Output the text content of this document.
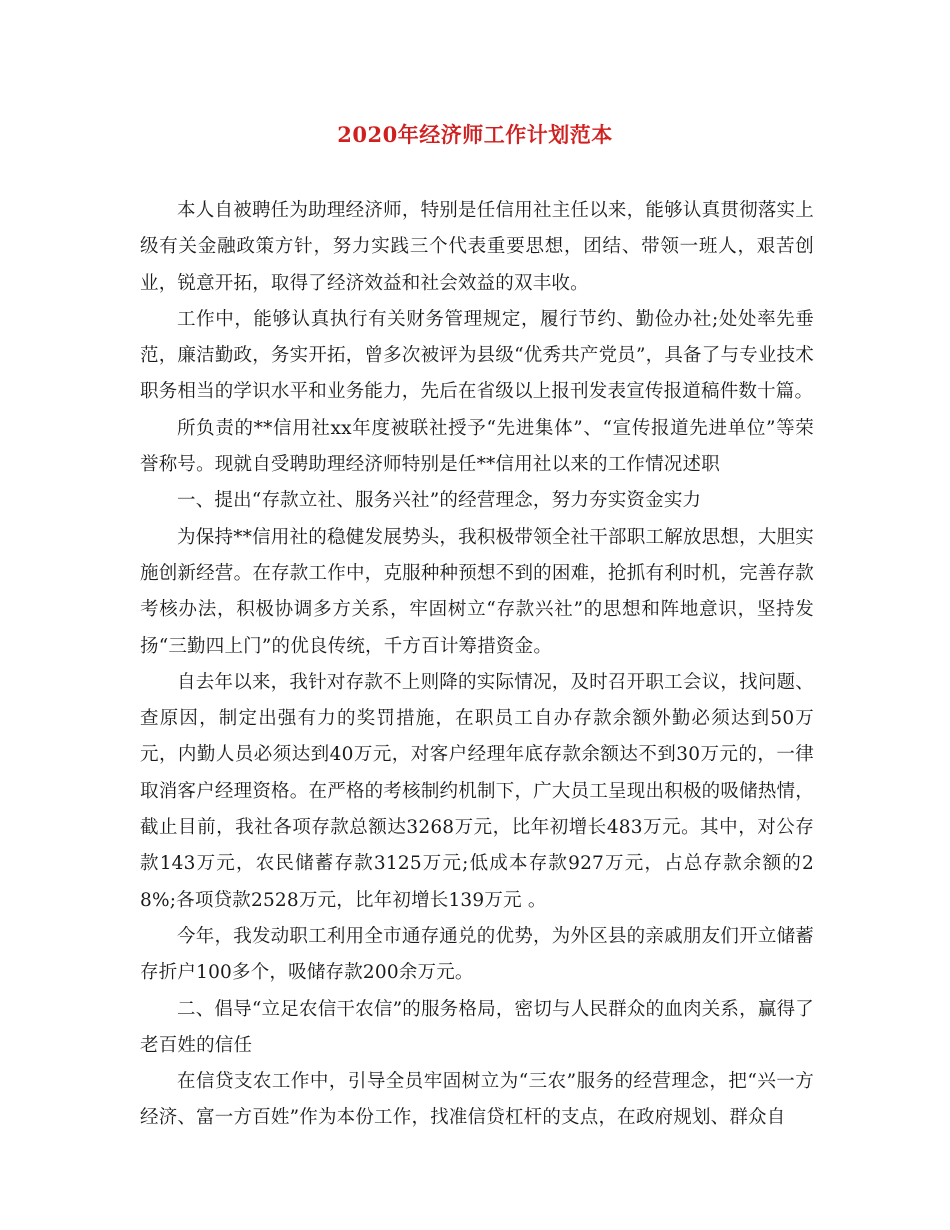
2020年经济师工作计划范本

本人自被聘任为助理经济师，特别是任信用社主任以来，能够认真贯彻落实上级有关金融政策方针，努力实践三个代表重要思想，团结、带领一班人，艰苦创业，锐意开拓，取得了经济效益和社会效益的双丰收。

工作中，能够认真执行有关财务管理规定，履行节约、勤俭办社;处处率先垂范，廉洁勤政，务实开拓，曾多次被评为县级“优秀共产党员”，具备了与专业技术职务相当的学识水平和业务能力，先后在省级以上报刊发表宣传报道稿件数十篇。

所负责的**信用社xx年度被联社授予“先进集体”、“宣传报道先进单位”等荣誉称号。现就自受聘助理经济师特别是任**信用社以来的工作情况述职

一、提出“存款立社、服务兴社”的经营理念，努力夯实资金实力

为保持**信用社的稳健发展势头，我积极带领全社干部职工解放思想，大胆实施创新经营。在存款工作中，克服种种预想不到的困难，抢抓有利时机，完善存款考核办法，积极协调多方关系，牢固树立“存款兴社”的思想和阵地意识，坚持发扬“三勤四上门”的优良传统，千方百计筹措资金。

自去年以来，我针对存款不上则降的实际情况，及时召开职工会议，找问题、查原因，制定出强有力的奖罚措施，在职员工自办存款余额外勤必须达到50万元，内勤人员必须达到40万元，对客户经理年底存款余额达不到30万元的，一律取消客户经理资格。在严格的考核制约机制下，广大员工呈现出积极的吸储热情，截止目前，我社各项存款总额达3268万元，比年初增长483万元。其中，对公存款143万元，农民储蓄存款3125万元;低成本存款927万元，占总存款余额的28%;各项贷款2528万元，比年初增长139万元 。

今年，我发动职工利用全市通存通兑的优势，为外区县的亲戚朋友们开立储蓄存折户100多个，吸储存款200余万元。

二、倡导“立足农信干农信”的服务格局，密切与人民群众的血肉关系，赢得了老百姓的信任

在信贷支农工作中，引导全员牢固树立为“三农”服务的经营理念，把“兴一方经济、富一方百姓”作为本份工作，找准信贷杠杆的支点，在政府规划、群众自
